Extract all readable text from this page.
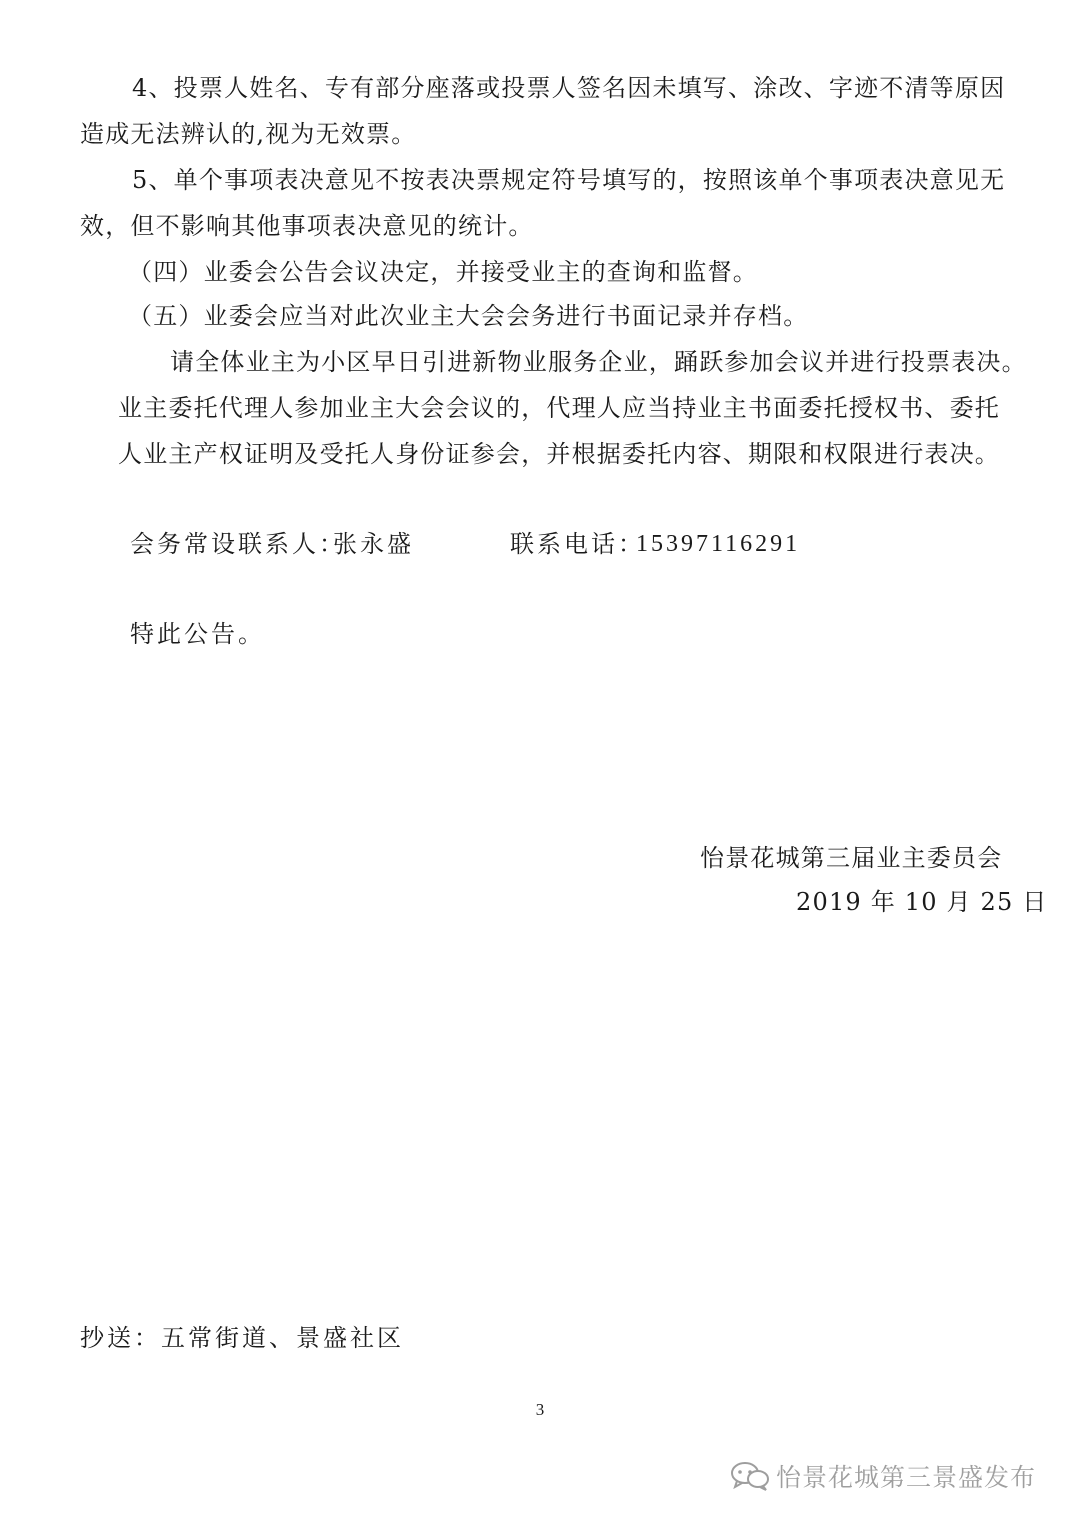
4、投票人姓名、专有部分座落或投票人签名因未填写、涂改、字迹不清等原因
造成无法辨认的,视为无效票。
5、单个事项表决意见不按表决票规定符号填写的，按照该单个事项表决意见无
效，但不影响其他事项表决意见的统计。
（四）业委会公告会议决定，并接受业主的查询和监督。
（五）业委会应当对此次业主大会会务进行书面记录并存档。
请全体业主为小区早日引进新物业服务企业，踊跃参加会议并进行投票表决。
业主委托代理人参加业主大会会议的，代理人应当持业主书面委托授权书、委托
人业主产权证明及受托人身份证参会，并根据委托内容、期限和权限进行表决。
会务常设联系人：
张永盛	联系电话：
15397116291
特此公告。
怡景花城第三届业主委员会
2019 年 10 月 25 日
抄送：五常街道、景盛社区
3
怡景花城第三景盛发布
